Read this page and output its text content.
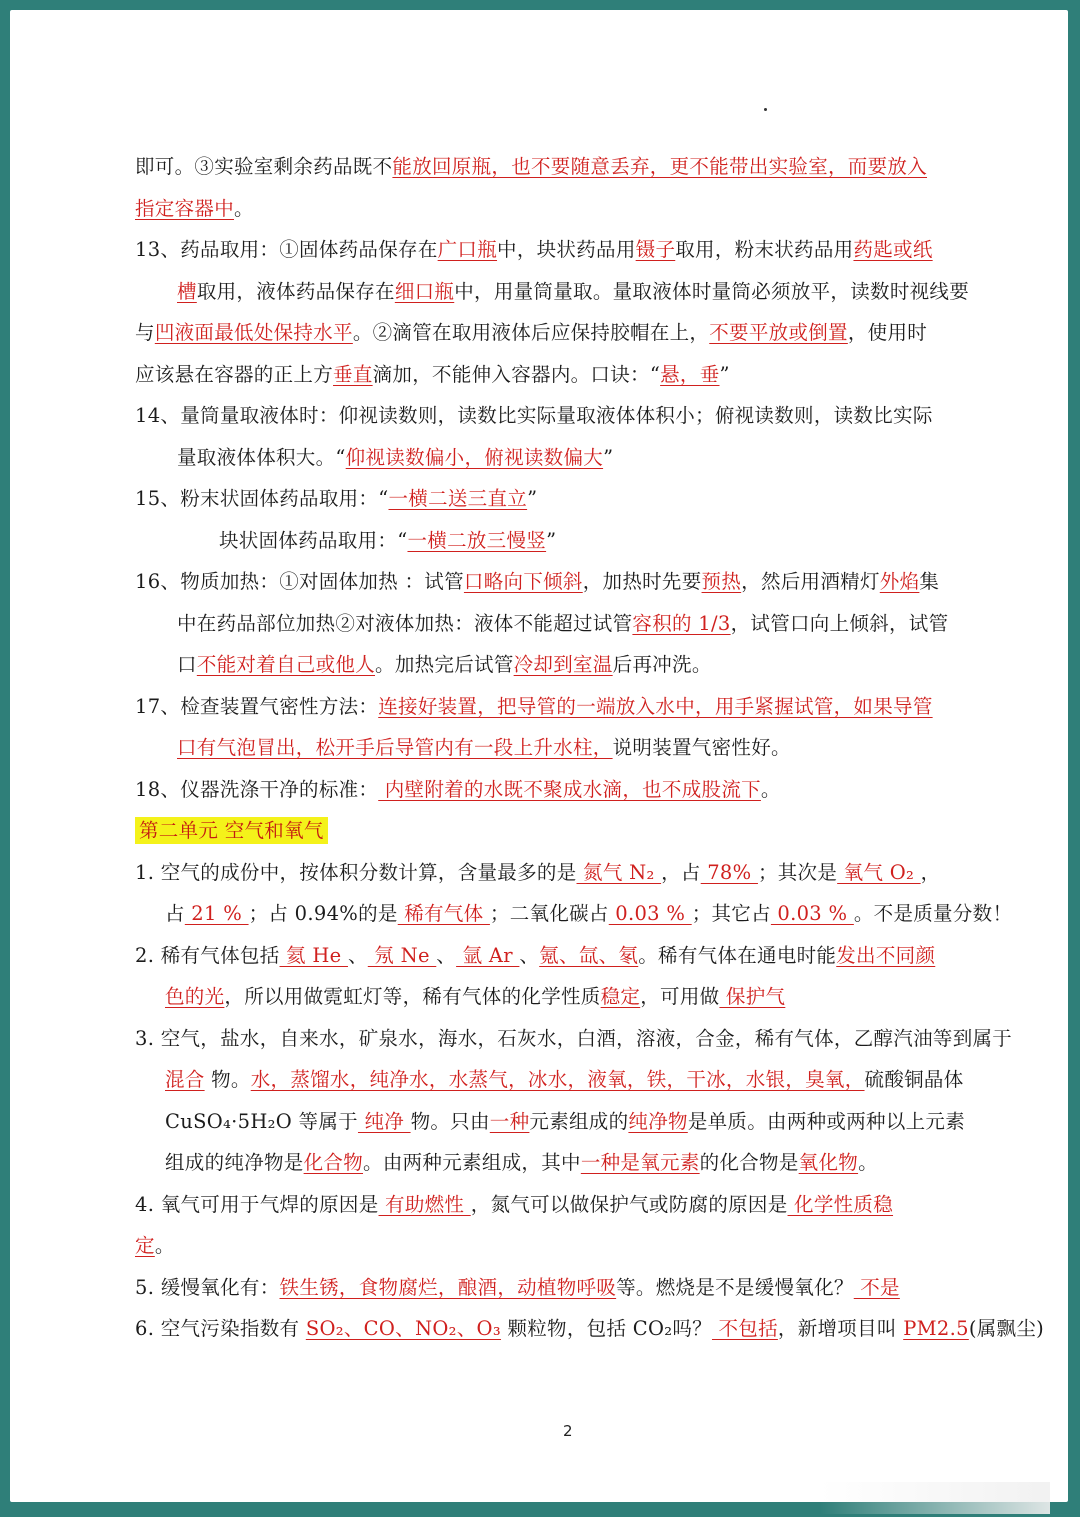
即可。③实验室剩余药品既不能放回原瓶，也不要随意丢弃，更不能带出实验室，而要放入
指定容器中。
13、药品取用：①固体药品保存在广口瓶中，块状药品用镊子取用，粉末状药品用药匙或纸
槽取用，液体药品保存在细口瓶中，用量筒量取。量取液体时量筒必须放平，读数时视线要
与凹液面最低处保持水平。②滴管在取用液体后应保持胶帽在上，不要平放或倒置，使用时
应该悬在容器的正上方垂直滴加，不能伸入容器内。口诀：“悬，垂”
14、量筒量取液体时：仰视读数则，读数比实际量取液体体积小；俯视读数则，读数比实际
量取液体体积大。“仰视读数偏小，俯视读数偏大”
15、粉末状固体药品取用：“一横二送三直立”
块状固体药品取用：“一横二放三慢竖”
16、物质加热：①对固体加热 ：试管口略向下倾斜，加热时先要预热，然后用酒精灯外焰集
中在药品部位加热②对液体加热：液体不能超过试管容积的 1/3，试管口向上倾斜，试管
口不能对着自己或他人。加热完后试管冷却到室温后再冲洗。
17、检查装置气密性方法：连接好装置，把导管的一端放入水中，用手紧握试管，如果导管
口有气泡冒出，松开手后导管内有一段上升水柱，说明装置气密性好。
18、仪器洗涤干净的标准： 内壁附着的水既不聚成水滴，也不成股流下。
第二单元 空气和氧气
1. 空气的成份中，按体积分数计算，含量最多的是 氮气 N₂ ，占 78% ；其次是 氧气 O₂ ，
占 21 % ；占 0.94%的是 稀有气体 ；二氧化碳占 0.03 % ；其它占 0.03 % 。不是质量分数！
2. 稀有气体包括 氦 He 、 氖 Ne 、 氩 Ar 、氪、氙、氡。稀有气体在通电时能发出不同颜
色的光，所以用做霓虹灯等，稀有气体的化学性质稳定，可用做 保护气
3. 空气，盐水，自来水，矿泉水，海水，石灰水，白酒，溶液，合金，稀有气体，乙醇汽油等到属于
混合 物。水，蒸馏水，纯净水，水蒸气，冰水，液氧，铁，干冰，水银，臭氧，硫酸铜晶体
CuSO₄·5H₂O 等属于 纯净 物。只由一种元素组成的纯净物是单质。由两种或两种以上元素
组成的纯净物是化合物。由两种元素组成，其中一种是氧元素的化合物是氧化物。
4. 氧气可用于气焊的原因是 有助燃性 ，氮气可以做保护气或防腐的原因是 化学性质稳
定。
5. 缓慢氧化有：铁生锈，食物腐烂，酿酒，动植物呼吸等。燃烧是不是缓慢氧化？ 不是
6. 空气污染指数有 SO₂、CO、NO₂、O₃ 颗粒物，包括 CO₂吗？ 不包括，新增项目叫 PM2.5(属飘尘)
2
